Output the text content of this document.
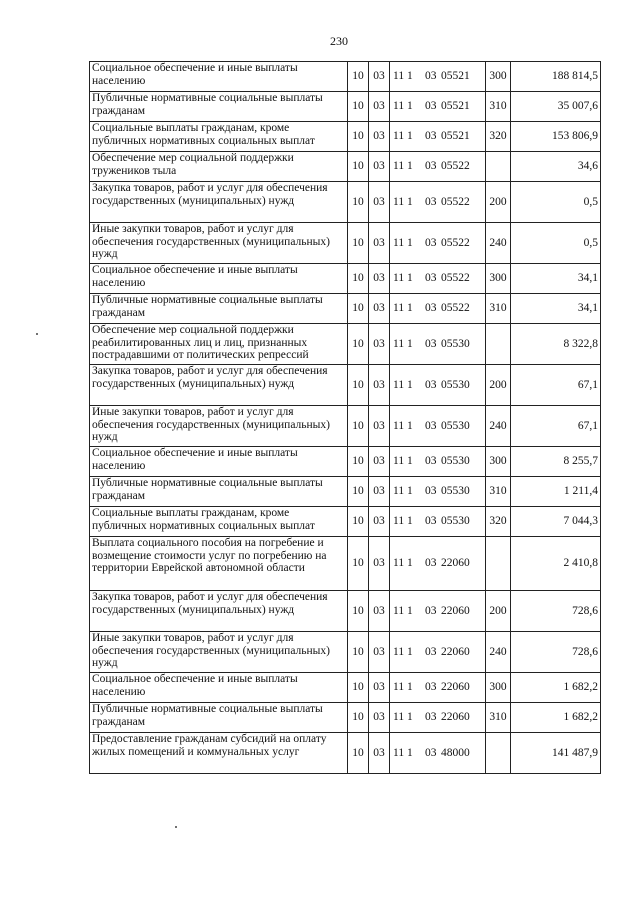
230
Социальное обеспечение и иные выплаты населению	10	03	11 1 03 05521	300	188 814,5
Публичные нормативные социальные выплаты гражданам	10	03	11 1 03 05521	310	35 007,6
Социальные выплаты гражданам, кроме публичных нормативных социальных выплат	10	03	11 1 03 05521	320	153 806,9
Обеспечение мер социальной поддержки тружеников тыла	10	03	11 1 03 05522		34,6
Закупка товаров, работ и услуг для обеспечения государственных (муниципальных) нужд	10	03	11 1 03 05522	200	0,5
Иные закупки товаров, работ и услуг для обеспечения государственных (муниципальных) нужд	10	03	11 1 03 05522	240	0,5
Социальное обеспечение и иные выплаты населению	10	03	11 1 03 05522	300	34,1
Публичные нормативные социальные выплаты гражданам	10	03	11 1 03 05522	310	34,1
Обеспечение мер социальной поддержки реабилитированных лиц и лиц, признанных пострадавшими от политических репрессий	10	03	11 1 03 05530		8 322,8
Закупка товаров, работ и услуг для обеспечения государственных (муниципальных) нужд	10	03	11 1 03 05530	200	67,1
Иные закупки товаров, работ и услуг для обеспечения государственных (муниципальных) нужд	10	03	11 1 03 05530	240	67,1
Социальное обеспечение и иные выплаты населению	10	03	11 1 03 05530	300	8 255,7
Публичные нормативные социальные выплаты гражданам	10	03	11 1 03 05530	310	1 211,4
Социальные выплаты гражданам, кроме публичных нормативных социальных выплат	10	03	11 1 03 05530	320	7 044,3
Выплата социального пособия на погребение и возмещение стоимости услуг по погребению на территории Еврейской автономной области	10	03	11 1 03 22060		2 410,8
Закупка товаров, работ и услуг для обеспечения государственных (муниципальных) нужд	10	03	11 1 03 22060	200	728,6
Иные закупки товаров, работ и услуг для обеспечения государственных (муниципальных) нужд	10	03	11 1 03 22060	240	728,6
Социальное обеспечение и иные выплаты населению	10	03	11 1 03 22060	300	1 682,2
Публичные нормативные социальные выплаты гражданам	10	03	11 1 03 22060	310	1 682,2
Предоставление гражданам субсидий на оплату жилых помещений и коммунальных услуг	10	03	11 1 03 48000		141 487,9
